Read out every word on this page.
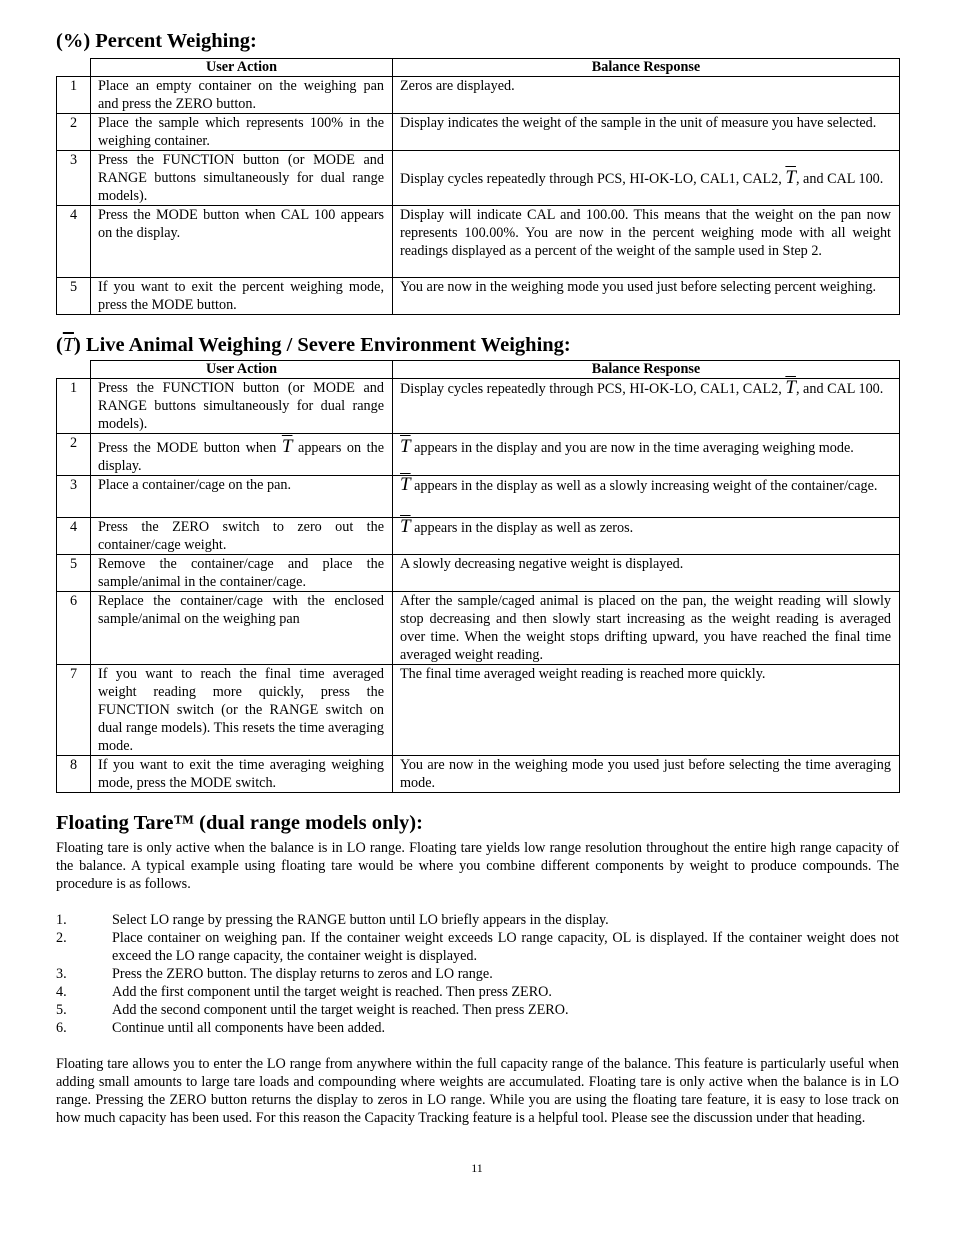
(%) Percent Weighing:
	User Action	Balance Response
1	Place an empty container on the weighing pan and press the ZERO button.	Zeros are displayed.
2	Place the sample which represents 100% in the weighing container.	Display indicates the weight of the sample in the unit of measure you have selected.
3	Press the FUNCTION button (or MODE and RANGE buttons simultaneously for dual range models).	Display cycles repeatedly through PCS, HI-OK-LO, CAL1, CAL2, $\overline{T}$, and CAL 100.
4	Press the MODE button when CAL 100 appears on the display.	Display will indicate CAL and 100.00. This means that the weight on the pan now represents 100.00%. You are now in the percent weighing mode with all weight readings displayed as a percent of the weight of the sample used in Step 2.
5	If you want to exit the percent weighing mode, press the MODE button.	You are now in the weighing mode you used just before selecting percent weighing.
(T) Live Animal Weighing / Severe Environment Weighing:
	User Action	Balance Response
1	Press the FUNCTION button (or MODE and RANGE buttons simultaneously for dual range models).	Display cycles repeatedly through PCS, HI-OK-LO, CAL1, CAL2, $\overline{T}$, and CAL 100.
2	Press the MODE button when $\overline{T}$ appears on the display.	$\overline{T}$ appears in the display and you are now in the time averaging weighing mode.
3	Place a container/cage on the pan.	$\overline{T}$ appears in the display as well as a slowly increasing weight of the container/cage.
4	Press the ZERO switch to zero out the container/cage weight.	$\overline{T}$ appears in the display as well as zeros.
5	Remove the container/cage and place the sample/animal in the container/cage.	A slowly decreasing negative weight is displayed.
6	Replace the container/cage with the enclosed sample/animal on the weighing pan	After the sample/caged animal is placed on the pan, the weight reading will slowly stop decreasing and then slowly start increasing as the weight reading is averaged over time. When the weight stops drifting upward, you have reached the final time averaged weight reading.
7	If you want to reach the final time averaged weight reading more quickly, press the FUNCTION switch (or the RANGE switch on dual range models). This resets the time averaging mode.	The final time averaged weight reading is reached more quickly.
8	If you want to exit the time averaging weighing mode, press the MODE switch.	You are now in the weighing mode you used just before selecting the time averaging mode.
Floating Tare™ (dual range models only):

Floating tare is only active when the balance is in LO range. Floating tare yields low range resolution throughout the entire high range capacity of the balance. A typical example using floating tare would be where you combine different components by weight to produce compounds. The procedure is as follows.

1.	Select LO range by pressing the RANGE button until LO briefly appears in the display.
2.	Place container on weighing pan. If the container weight exceeds LO range capacity, OL is displayed. If the container weight does not exceed the LO range capacity, the container weight is displayed.
3.	Press the ZERO button. The display returns to zeros and LO range.
4.	Add the first component until the target weight is reached. Then press ZERO.
5.	Add the second component until the target weight is reached. Then press ZERO.
6.	Continue until all components have been added.

Floating tare allows you to enter the LO range from anywhere within the full capacity range of the balance. This feature is particularly useful when adding small amounts to large tare loads and compounding where weights are accumulated. Floating tare is only active when the balance is in LO range. Pressing the ZERO button returns the display to zeros in LO range. While you are using the floating tare feature, it is easy to lose track on how much capacity has been used. For this reason the Capacity Tracking feature is a helpful tool. Please see the discussion under that heading.

11
